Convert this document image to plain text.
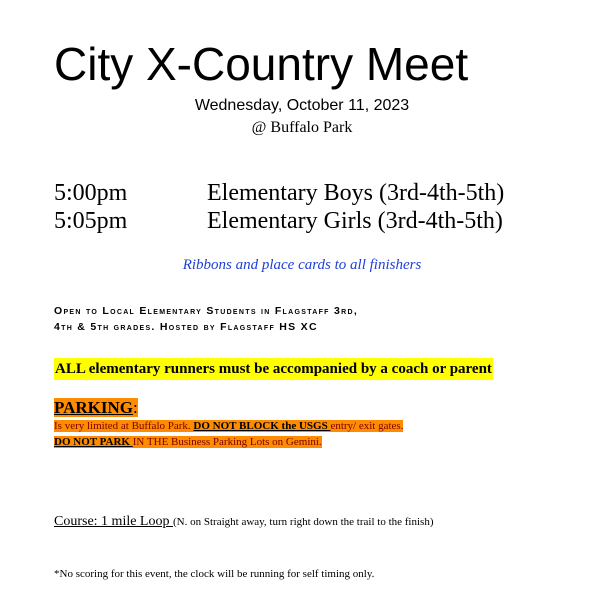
City X-Country Meet
Wednesday, October 11, 2023
@ Buffalo Park
5:00pm	Elementary Boys (3rd-4th-5th)
5:05pm	Elementary Girls (3rd-4th-5th)
Ribbons and place cards to all finishers
Open to Local Elementary Students in Flagstaff 3rd,
4th & 5th grades. Hosted by Flagstaff HS XC
ALL elementary runners must be accompanied by a coach or parent
PARKING:
Is very limited at Buffalo Park. DO NOT BLOCK the USGS entry/ exit gates.
DO NOT PARK IN THE Business Parking Lots on Gemini.
Course: 1 mile Loop (N. on Straight away, turn right down the trail to the finish)
*No scoring for this event, the clock will be running for self timing only.
